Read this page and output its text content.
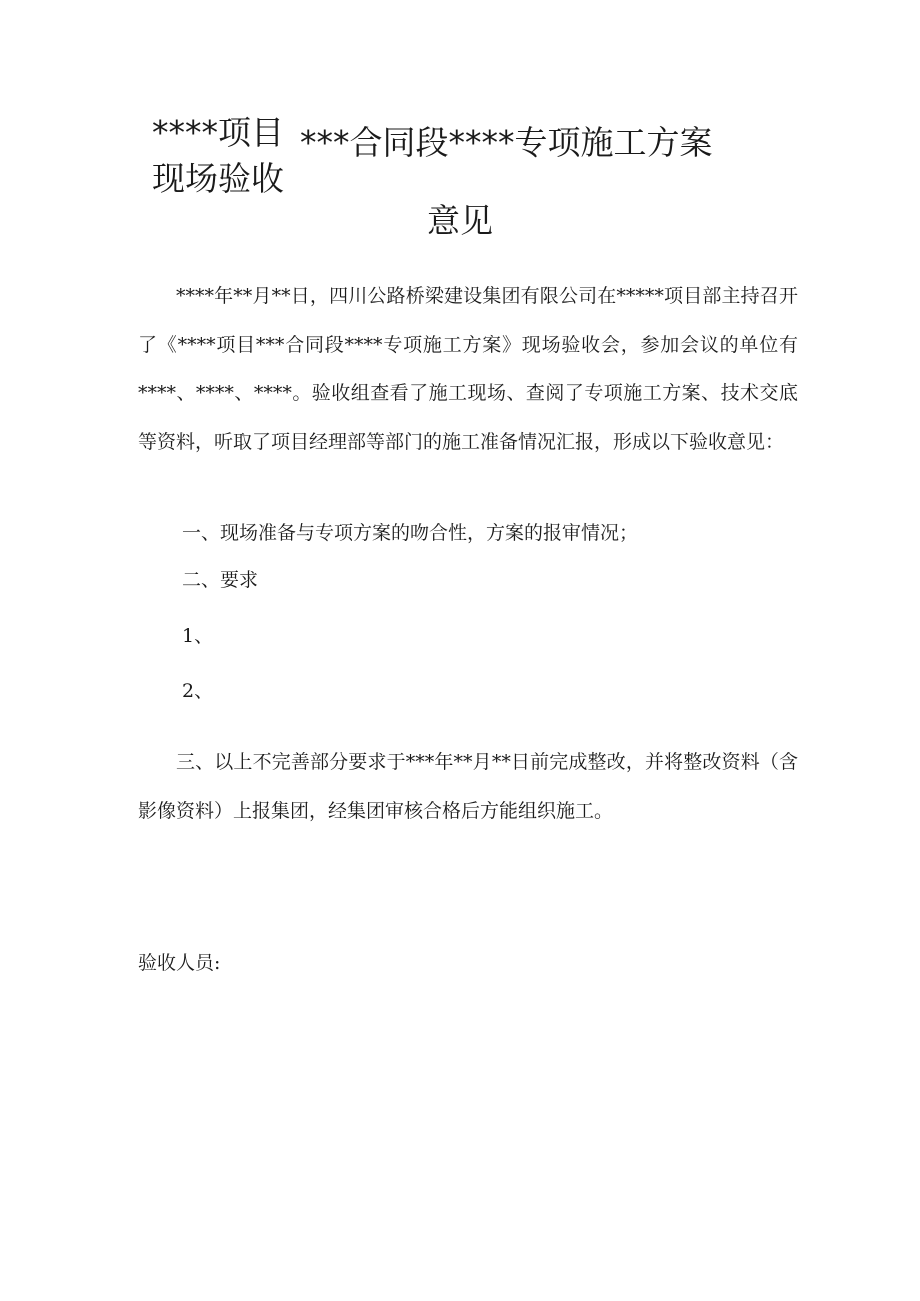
****项目
现场验收
***合同段****专项施工方案
意见

****年**月**日，四川公路桥梁建设集团有限公司在*****项目部主持召开了《****项目***合同段****专项施工方案》现场验收会，参加会议的单位有****、****、****。验收组查看了施工现场、查阅了专项施工方案、技术交底等资料，听取了项目经理部等部门的施工准备情况汇报，形成以下验收意见：

一、现场准备与专项方案的吻合性，方案的报审情况；
二、要求
1、
2、

三、以上不完善部分要求于***年**月**日前完成整改，并将整改资料（含影像资料）上报集团，经集团审核合格后方能组织施工。

验收人员:
